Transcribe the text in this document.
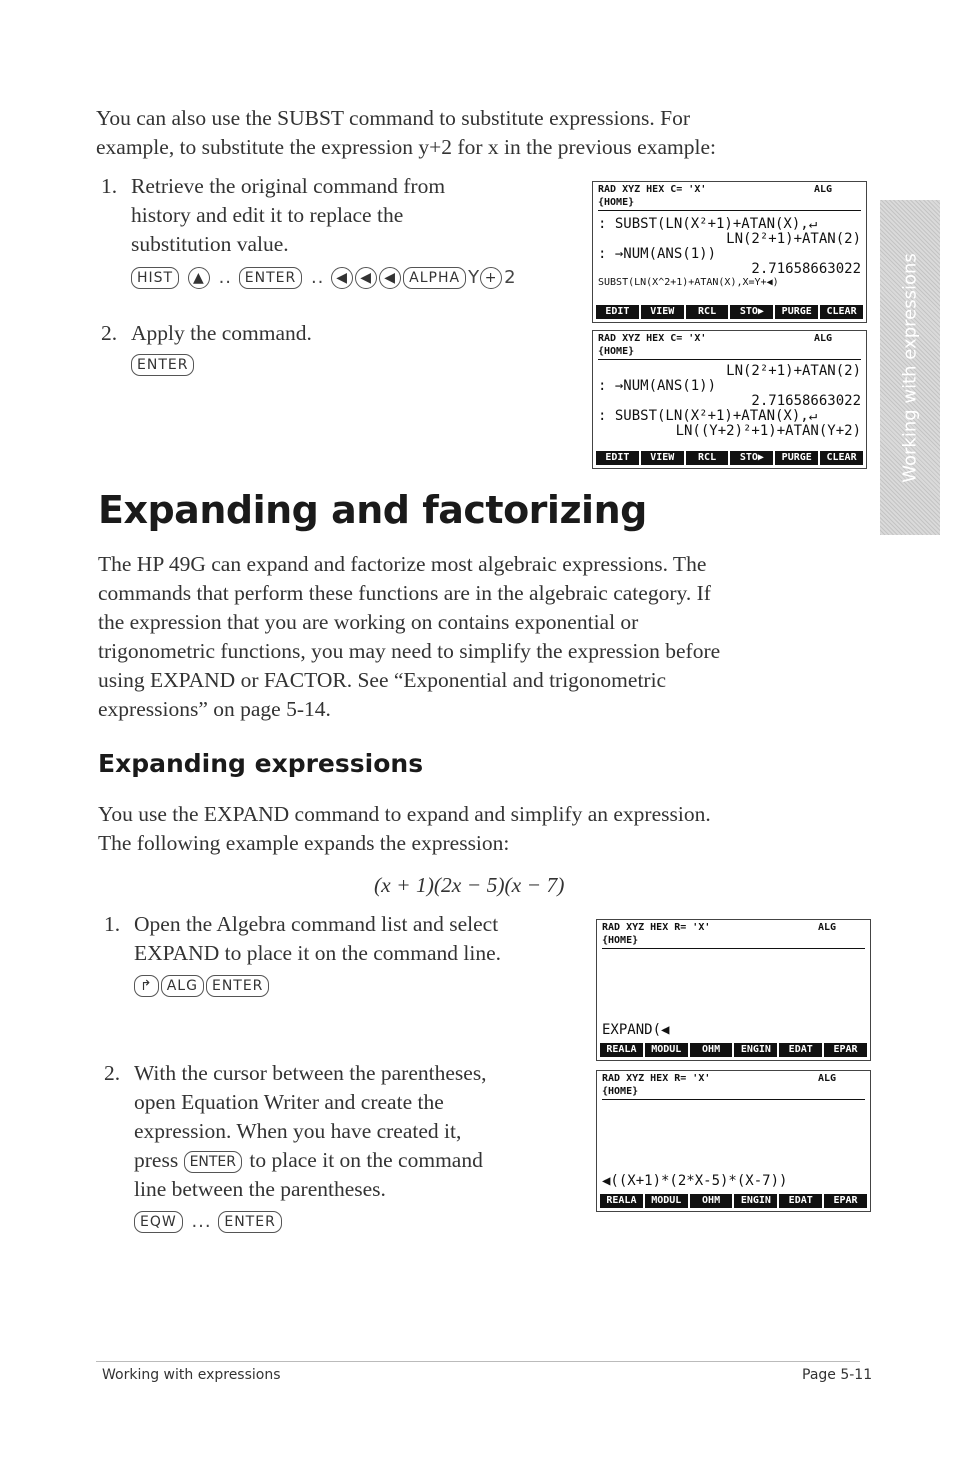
You can also use the SUBST command to substitute expressions. For
example, to substitute the expression y+2 for x in the previous example:
1. Retrieve the original command from
history and edit it to replace the
substitution value.
HIST ▲ .. ENTER .. ◀ ◀ ◀ ALPHA Y + 2
2. Apply the command.
ENTER
RAD XYZ HEX C= 'X'	ALG
{HOME}
: SUBST(LN(X²+1)+ATAN(X),↵
LN(2²+1)+ATAN(2)
: →NUM(ANS(1))
2.71658663022
SUBST(LN(X^2+1)+ATAN(X),X=Y+◀)
EDIT	VIEW	RCL	STO▶	PURGE	CLEAR
RAD XYZ HEX C= 'X'	ALG
{HOME}
LN(2²+1)+ATAN(2)
: →NUM(ANS(1))
2.71658663022
: SUBST(LN(X²+1)+ATAN(X),↵
LN((Y+2)²+1)+ATAN(Y+2)
EDIT	VIEW	RCL	STO▶	PURGE	CLEAR
Expanding and factorizing
The HP 49G can expand and factorize most algebraic expressions. The
commands that perform these functions are in the algebraic category. If
the expression that you are working on contains exponential or
trigonometric functions, you may need to simplify the expression before
using EXPAND or FACTOR. See “Exponential and trigonometric
expressions” on page 5-14.
Expanding expressions
You use the EXPAND command to expand and simplify an expression.
The following example expands the expression:
(x + 1)(2x − 5)(x − 7)
1. Open the Algebra command list and select
EXPAND to place it on the command line.
↱ ALG ENTER
2. With the cursor between the parentheses,
open Equation Writer and create the
expression. When you have created it,
press ENTER to place it on the command
line between the parentheses.
EQW ... ENTER
RAD XYZ HEX R= 'X'	ALG
{HOME}
EXPAND(◀
REALA	MODUL	OHM	ENGIN	EDAT	EPAR
RAD XYZ HEX R= 'X'	ALG
{HOME}
◀((X+1)*(2*X-5)*(X-7))
REALA	MODUL	OHM	ENGIN	EDAT	EPAR
Working with expressions
Working with expressions	Page 5-11
